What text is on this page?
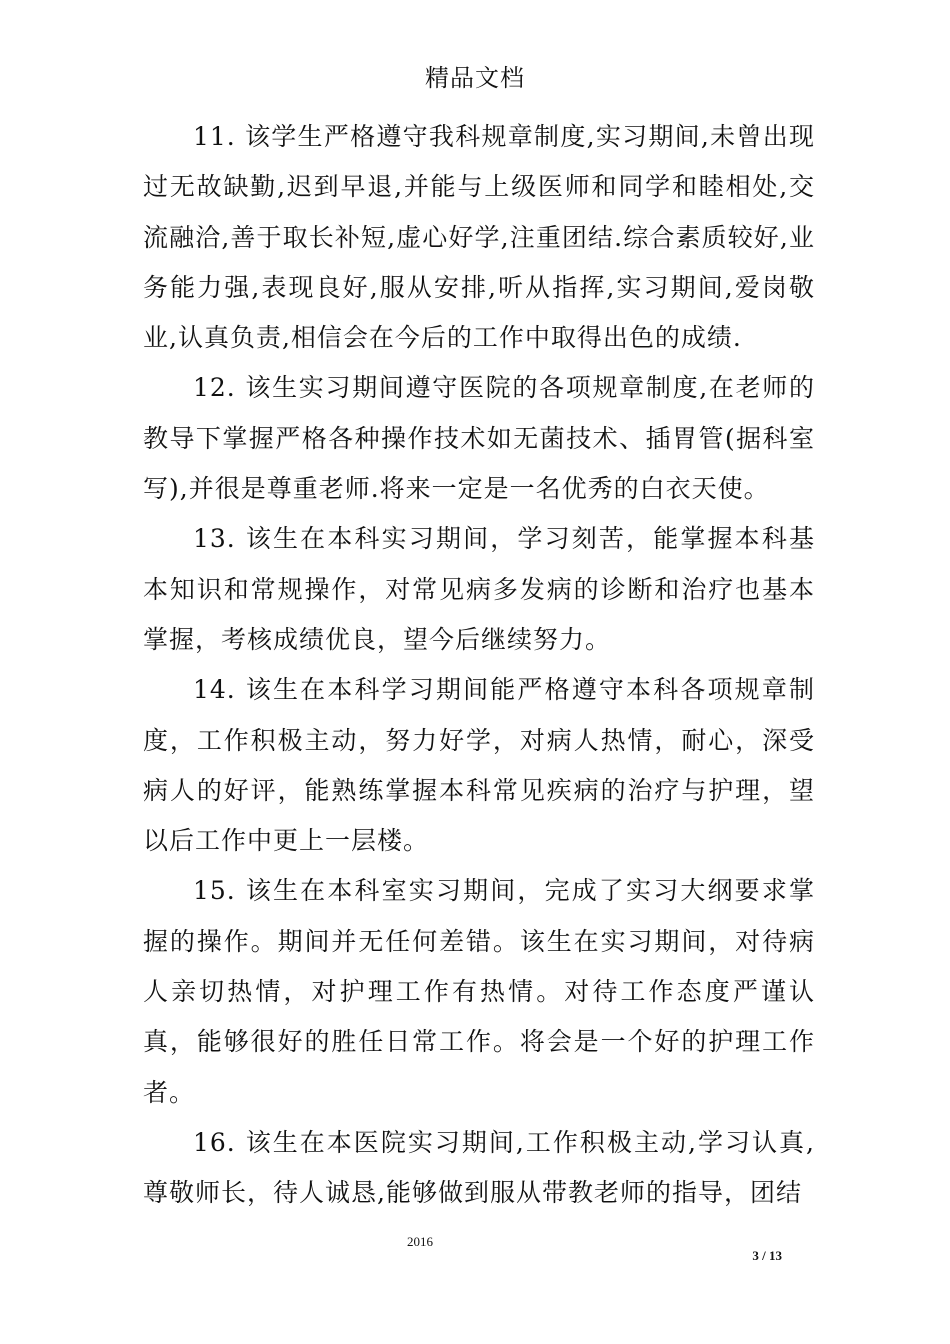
精品文档

11. 该学生严格遵守我科规章制度,实习期间,未曾出现过无故缺勤,迟到早退,并能与上级医师和同学和睦相处,交流融洽,善于取长补短,虚心好学,注重团结.综合素质较好,业务能力强,表现良好,服从安排,听从指挥,实习期间,爱岗敬业,认真负责,相信会在今后的工作中取得出色的成绩.

12. 该生实习期间遵守医院的各项规章制度,在老师的教导下掌握严格各种操作技术如无菌技术、插胃管(据科室写),并很是尊重老师.将来一定是一名优秀的白衣天使。

13. 该生在本科实习期间，学习刻苦，能掌握本科基本知识和常规操作，对常见病多发病的诊断和治疗也基本掌握，考核成绩优良，望今后继续努力。

14. 该生在本科学习期间能严格遵守本科各项规章制度，工作积极主动，努力好学，对病人热情，耐心，深受病人的好评，能熟练掌握本科常见疾病的治疗与护理，望以后工作中更上一层楼。

15. 该生在本科室实习期间，完成了实习大纲要求掌握的操作。期间并无任何差错。该生在实习期间，对待病人亲切热情，对护理工作有热情。对待工作态度严谨认真，能够很好的胜任日常工作。将会是一个好的护理工作者。

16. 该生在本医院实习期间,工作积极主动,学习认真,尊敬师长，待人诚恳,能够做到服从带教老师的指导，团结

2016
3 / 13
